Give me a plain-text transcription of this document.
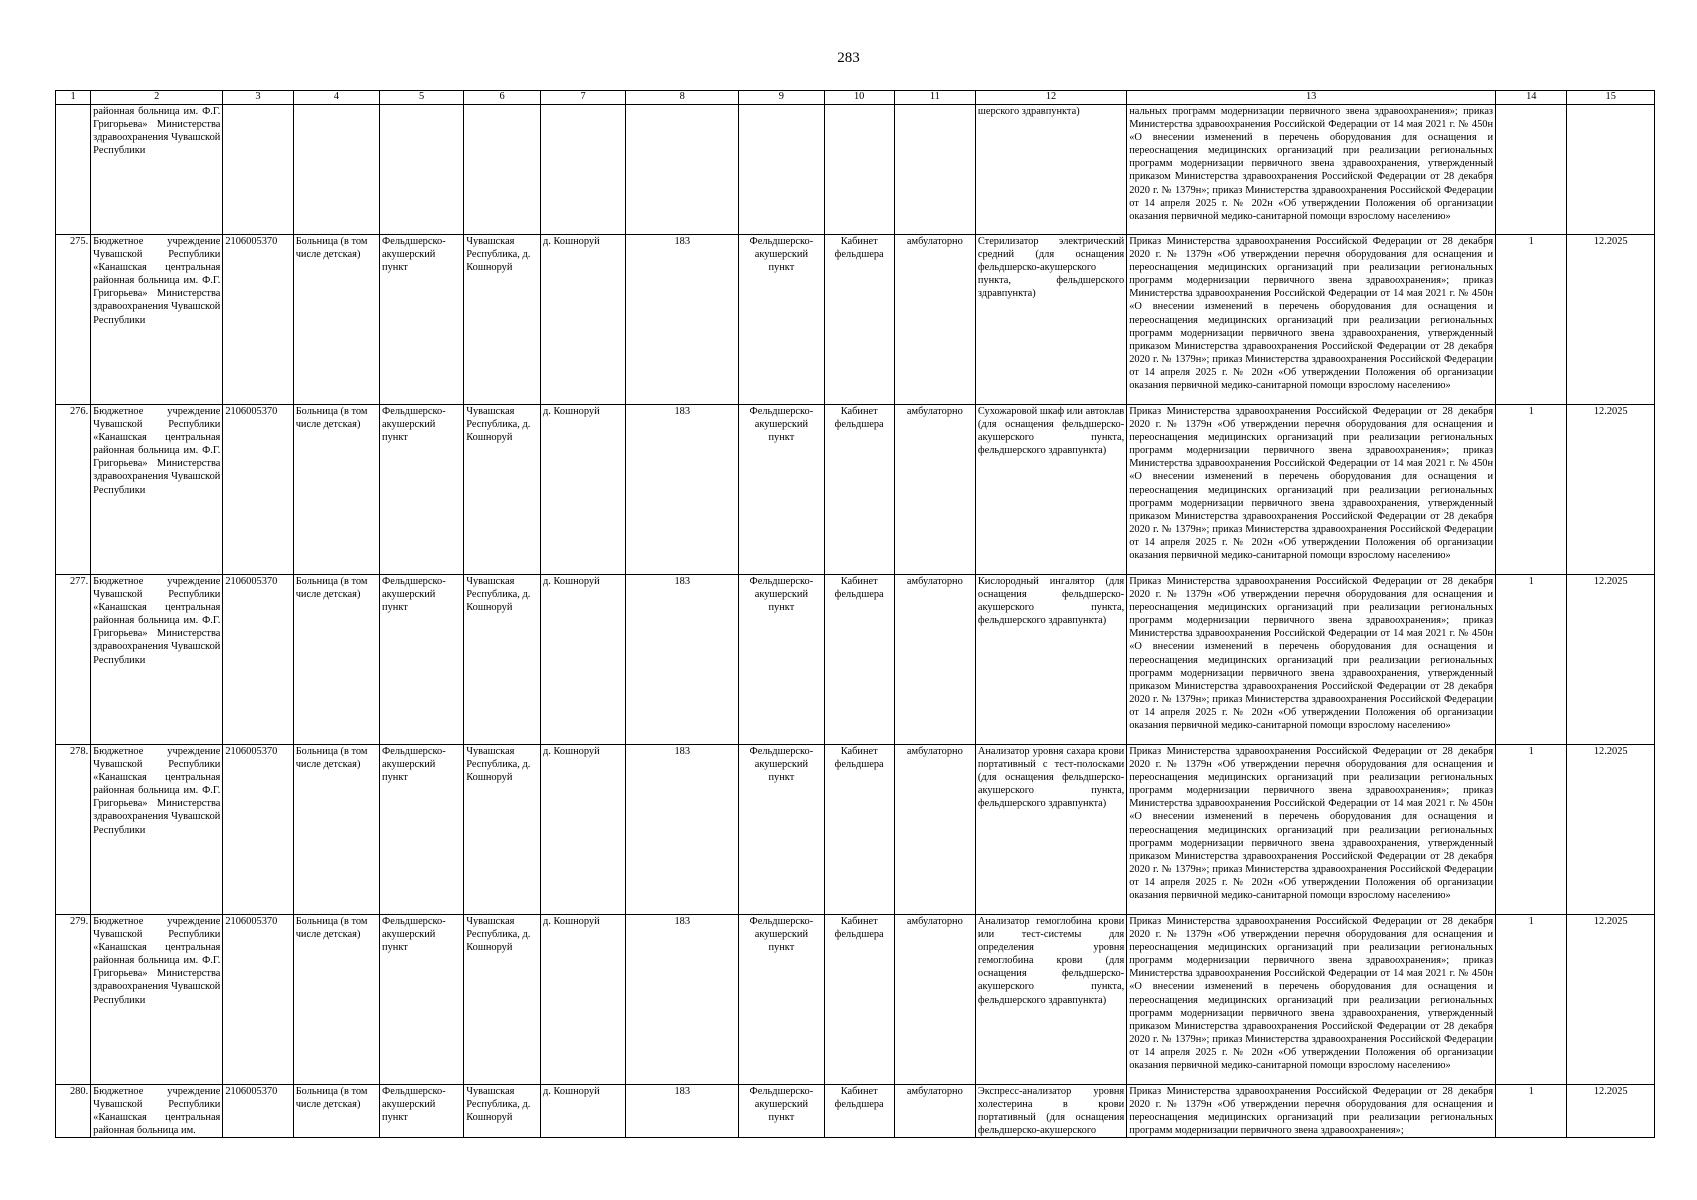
283
1	2	3	4	5	6	7	8	9	10	11	12	13	14	15
	районная больница им. Ф.Г. Григорьева» Министерства здравоохранения Чувашской Республики										шерского здравпункта)	нальных программ модернизации первичного звена здравоохранения»; приказ Министерства здравоохранения Российской Федерации от 14 мая 2021 г. № 450н «О внесении изменений в перечень оборудования для оснащения и переоснащения медицинских организаций при реализации региональных программ модернизации первичного звена здравоохранения, утвержденный приказом Министерства здравоохранения Российской Федерации от 28 декабря 2020 г. № 1379н»; приказ Министерства здравоохранения Российской Федерации от 14 апреля 2025 г. № 202н «Об утверждении Положения об организации оказания первичной медико-санитарной помощи взрослому населению»		
275.	Бюджетное учреждение Чувашской Республики «Канашская центральная районная больница им. Ф.Г. Григорьева» Министерства здравоохранения Чувашской Республики	2106005370	Больница (в том числе детская)	Фельдшерско-акушерский пункт	Чувашская Республика, д. Кошноруй	д. Кошноруй	183	Фельдшерско-акушерский пункт	Кабинет фельдшера	амбулаторно	Стерилизатор электрический средний (для оснащения фельдшерско-акушерского пункта, фельдшерского здравпункта)	Приказ Министерства здравоохранения Российской Федерации от 28 декабря 2020 г. № 1379н «Об утверждении перечня оборудования для оснащения и переоснащения медицинских организаций при реализации региональных программ модернизации первичного звена здравоохранения»; приказ Министерства здравоохранения Российской Федерации от 14 мая 2021 г. № 450н «О внесении изменений в перечень оборудования для оснащения и переоснащения медицинских организаций при реализации региональных программ модернизации первичного звена здравоохранения, утвержденный приказом Министерства здравоохранения Российской Федерации от 28 декабря 2020 г. № 1379н»; приказ Министерства здравоохранения Российской Федерации от 14 апреля 2025 г. № 202н «Об утверждении Положения об организации оказания первичной медико-санитарной помощи взрослому населению»	1	12.2025
276.	Бюджетное учреждение Чувашской Республики «Канашская центральная районная больница им. Ф.Г. Григорьева» Министерства здравоохранения Чувашской Республики	2106005370	Больница (в том числе детская)	Фельдшерско-акушерский пункт	Чувашская Республика, д. Кошноруй	д. Кошноруй	183	Фельдшерско-акушерский пункт	Кабинет фельдшера	амбулаторно	Сухожаровой шкаф или автоклав (для оснащения фельдшерско-акушерского пункта, фельдшерского здравпункта)	Приказ Министерства здравоохранения Российской Федерации от 28 декабря 2020 г. № 1379н «Об утверждении перечня оборудования для оснащения и переоснащения медицинских организаций при реализации региональных программ модернизации первичного звена здравоохранения»; приказ Министерства здравоохранения Российской Федерации от 14 мая 2021 г. № 450н «О внесении изменений в перечень оборудования для оснащения и переоснащения медицинских организаций при реализации региональных программ модернизации первичного звена здравоохранения, утвержденный приказом Министерства здравоохранения Российской Федерации от 28 декабря 2020 г. № 1379н»; приказ Министерства здравоохранения Российской Федерации от 14 апреля 2025 г. № 202н «Об утверждении Положения об организации оказания первичной медико-санитарной помощи взрослому населению»	1	12.2025
277.	Бюджетное учреждение Чувашской Республики «Канашская центральная районная больница им. Ф.Г. Григорьева» Министерства здравоохранения Чувашской Республики	2106005370	Больница (в том числе детская)	Фельдшерско-акушерский пункт	Чувашская Республика, д. Кошноруй	д. Кошноруй	183	Фельдшерско-акушерский пункт	Кабинет фельдшера	амбулаторно	Кислородный ингалятор (для оснащения фельдшерско-акушерского пункта, фельдшерского здравпункта)	Приказ Министерства здравоохранения Российской Федерации от 28 декабря 2020 г. № 1379н «Об утверждении перечня оборудования для оснащения и переоснащения медицинских организаций при реализации региональных программ модернизации первичного звена здравоохранения»; приказ Министерства здравоохранения Российской Федерации от 14 мая 2021 г. № 450н «О внесении изменений в перечень оборудования для оснащения и переоснащения медицинских организаций при реализации региональных программ модернизации первичного звена здравоохранения, утвержденный приказом Министерства здравоохранения Российской Федерации от 28 декабря 2020 г. № 1379н»; приказ Министерства здравоохранения Российской Федерации от 14 апреля 2025 г. № 202н «Об утверждении Положения об организации оказания первичной медико-санитарной помощи взрослому населению»	1	12.2025
278.	Бюджетное учреждение Чувашской Республики «Канашская центральная районная больница им. Ф.Г. Григорьева» Министерства здравоохранения Чувашской Республики	2106005370	Больница (в том числе детская)	Фельдшерско-акушерский пункт	Чувашская Республика, д. Кошноруй	д. Кошноруй	183	Фельдшерско-акушерский пункт	Кабинет фельдшера	амбулаторно	Анализатор уровня сахара крови портативный с тест-полосками (для оснащения фельдшерско-акушерского пункта, фельдшерского здравпункта)	Приказ Министерства здравоохранения Российской Федерации от 28 декабря 2020 г. № 1379н «Об утверждении перечня оборудования для оснащения и переоснащения медицинских организаций при реализации региональных программ модернизации первичного звена здравоохранения»; приказ Министерства здравоохранения Российской Федерации от 14 мая 2021 г. № 450н «О внесении изменений в перечень оборудования для оснащения и переоснащения медицинских организаций при реализации региональных программ модернизации первичного звена здравоохранения, утвержденный приказом Министерства здравоохранения Российской Федерации от 28 декабря 2020 г. № 1379н»; приказ Министерства здравоохранения Российской Федерации от 14 апреля 2025 г. № 202н «Об утверждении Положения об организации оказания первичной медико-санитарной помощи взрослому населению»	1	12.2025
279.	Бюджетное учреждение Чувашской Республики «Канашская центральная районная больница им. Ф.Г. Григорьева» Министерства здравоохранения Чувашской Республики	2106005370	Больница (в том числе детская)	Фельдшерско-акушерский пункт	Чувашская Республика, д. Кошноруй	д. Кошноруй	183	Фельдшерско-акушерский пункт	Кабинет фельдшера	амбулаторно	Анализатор гемоглобина крови или тест-системы для определения уровня гемоглобина крови (для оснащения фельдшерско-акушерского пункта, фельдшерского здравпункта)	Приказ Министерства здравоохранения Российской Федерации от 28 декабря 2020 г. № 1379н «Об утверждении перечня оборудования для оснащения и переоснащения медицинских организаций при реализации региональных программ модернизации первичного звена здравоохранения»; приказ Министерства здравоохранения Российской Федерации от 14 мая 2021 г. № 450н «О внесении изменений в перечень оборудования для оснащения и переоснащения медицинских организаций при реализации региональных программ модернизации первичного звена здравоохранения, утвержденный приказом Министерства здравоохранения Российской Федерации от 28 декабря 2020 г. № 1379н»; приказ Министерства здравоохранения Российской Федерации от 14 апреля 2025 г. № 202н «Об утверждении Положения об организации оказания первичной медико-санитарной помощи взрослому населению»	1	12.2025
280.	Бюджетное учреждение Чувашской Республики «Канашская центральная районная больница им.	2106005370	Больница (в том числе детская)	Фельдшерско-акушерский пункт	Чувашская Республика, д. Кошноруй	д. Кошноруй	183	Фельдшерско-акушерский пункт	Кабинет фельдшера	амбулаторно	Экспресс-анализатор уровня холестерина в крови портативный (для оснащения фельдшерско-акушерского	Приказ Министерства здравоохранения Российской Федерации от 28 декабря 2020 г. № 1379н «Об утверждении перечня оборудования для оснащения и переоснащения медицинских организаций при реализации региональных программ модернизации первичного звена здравоохранения»;	1	12.2025
